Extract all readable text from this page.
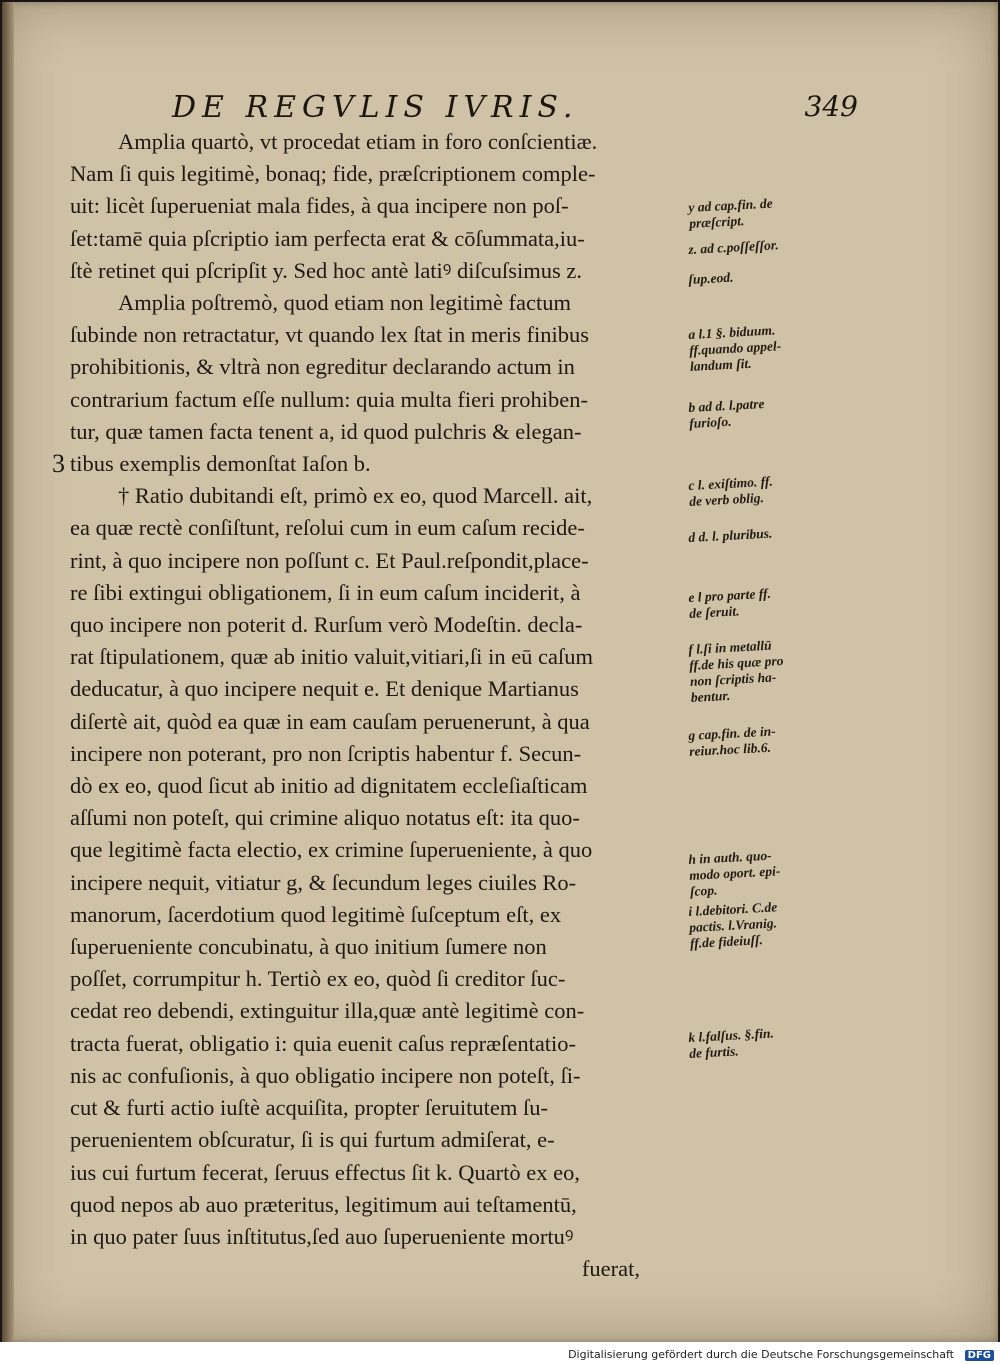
DE REGVLIS IVRIS.	349
3
Amplia quartò, vt procedat etiam in foro conſcientiæ.
Nam ſi quis legitimè, bonaq; fide, præſcriptionem comple-
uit: licèt ſuperueniat mala fides, à qua incipere non poſ-
ſet:tamē quia pſcriptio iam perfecta erat & cōſummata,iu-
ſtè retinet qui pſcripſit y. Sed hoc antè latiꝰ diſcuſsimus z.
Amplia poſtremò, quod etiam non legitimè factum
ſubinde non retractatur, vt quando lex ſtat in meris finibus
prohibitionis, & vltrà non egreditur declarando actum in
contrarium factum eſſe nullum: quia multa fieri prohiben-
tur, quæ tamen facta tenent a, id quod pulchris & elegan-
tibus exemplis demonſtat Iaſon b.
† Ratio dubitandi eſt, primò ex eo, quod Marcell. ait,
ea quæ rectè conſiſtunt, reſolui cum in eum caſum recide-
rint, à quo incipere non poſſunt c. Et Paul.reſpondit,place-
re ſibi extingui obligationem, ſi in eum caſum inciderit, à
quo incipere non poterit d. Rurſum verò Modeſtin. decla-
rat ſtipulationem, quæ ab initio valuit,vitiari,ſi in eū caſum
deducatur, à quo incipere nequit e. Et denique Martianus
diſertè ait, quòd ea quæ in eam cauſam peruenerunt, à qua
incipere non poterant, pro non ſcriptis habentur f. Secun-
dò ex eo, quod ſicut ab initio ad dignitatem eccleſiaſticam
aſſumi non poteſt, qui crimine aliquo notatus eſt: ita quo-
que legitimè facta electio, ex crimine ſuperueniente, à quo
incipere nequit, vitiatur g, & ſecundum leges ciuiles Ro-
manorum, ſacerdotium quod legitimè ſuſceptum eſt, ex
ſuperueniente concubinatu, à quo initium ſumere non
poſſet, corrumpitur h. Tertiò ex eo, quòd ſi creditor ſuc-
cedat reo debendi, extinguitur illa,quæ antè legitimè con-
tracta fuerat, obligatio i: quia euenit caſus repræſentatio-
nis ac confuſionis, à quo obligatio incipere non poteſt, ſi-
cut & furti actio iuſtè acquiſita, propter ſeruitutem ſu-
peruenientem obſcuratur, ſi is qui furtum admiſerat, e-
ius cui furtum fecerat, ſeruus effectus ſit k. Quartò ex eo,
quod nepos ab auo præteritus, legitimum aui teſtamentū,
in quo pater ſuus inſtitutus,ſed auo ſuperueniente mortuꝰ
fuerat,
y ad cap.fin. de
præſcript.
z. ad c.poſſeſſor.
ſup.eod.
a l.1 §. biduum.
ff.quando appel-
landum ſit.
b ad d. l.patre
furioſo.
c l. exiſtimo. ff.
de verb oblig.
d d. l. pluribus.
e l pro parte ff.
de ſeruit.
f l.ſi in metallū
ff.de his quæ pro
non ſcriptis ha-
bentur.
g cap.fin. de in-
reiur.hoc lib.6.
h in auth. quo-
modo oport. epi-
ſcop.
i l.debitori. C.de
pactis. l.Vranig.
ff.de fideiuſſ.
k l.falſus. §.fin.
de furtis.
Digitalisierung gefördert durch die Deutsche Forschungsgemeinschaft	DFG
